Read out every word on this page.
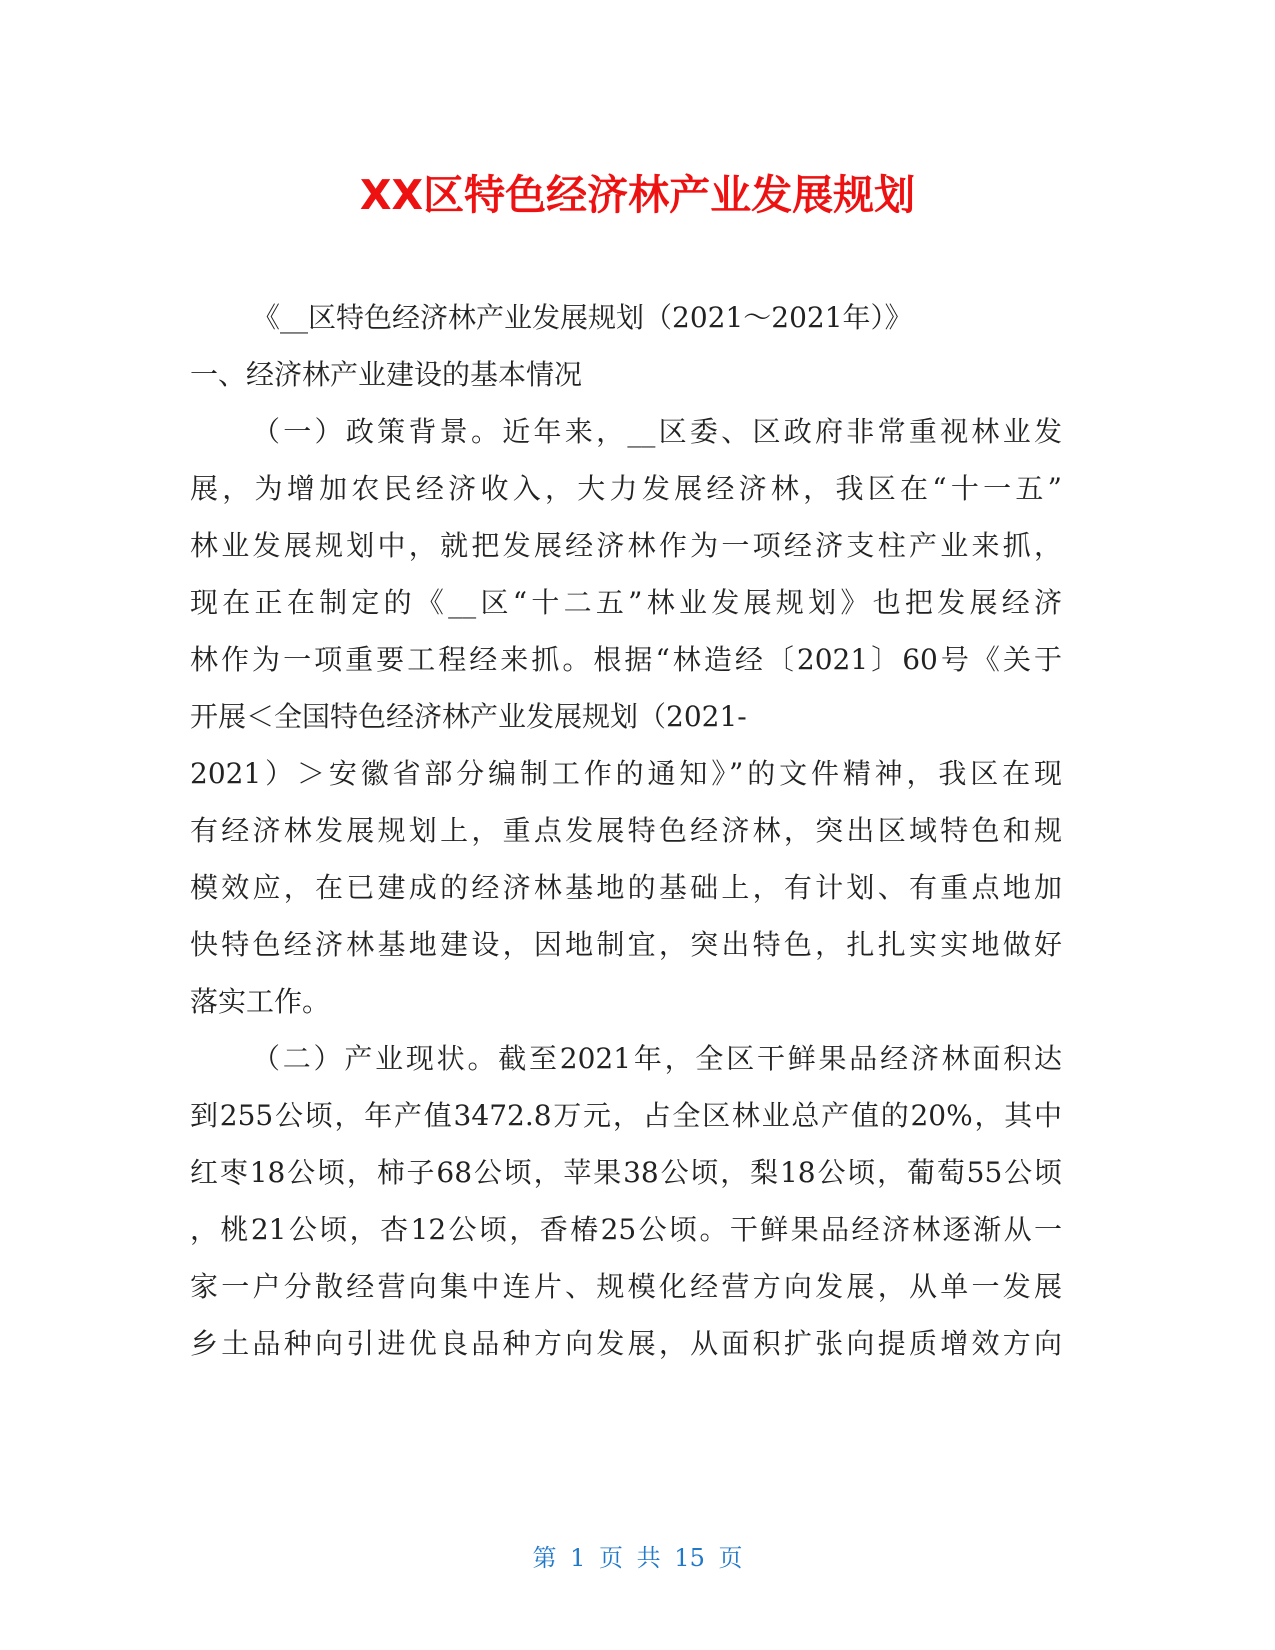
XX区特色经济林产业发展规划
《__区特色经济林产业发展规划（2021～2021年）》
一、经济林产业建设的基本情况
（一）政策背景。近年来，__区委、区政府非常重视林业发
展，为增加农民经济收入，大力发展经济林，我区在“十一五”
林业发展规划中，就把发展经济林作为一项经济支柱产业来抓，
现在正在制定的《__区“十二五”林业发展规划》也把发展经济
林作为一项重要工程经来抓。根据“林造经〔2021〕60号《关于
开展＜全国特色经济林产业发展规划（2021-
2021）＞安徽省部分编制工作的通知》”的文件精神，我区在现
有经济林发展规划上，重点发展特色经济林，突出区域特色和规
模效应，在已建成的经济林基地的基础上，有计划、有重点地加
快特色经济林基地建设，因地制宜，突出特色，扎扎实实地做好
落实工作。
（二）产业现状。截至2021年，全区干鲜果品经济林面积达
到255公顷，年产值3472.8万元，占全区林业总产值的20%，其中
红枣18公顷，柿子68公顷，苹果38公顷，梨18公顷，葡萄55公顷
，桃21公顷，杏12公顷，香椿25公顷。干鲜果品经济林逐渐从一
家一户分散经营向集中连片、规模化经营方向发展，从单一发展
乡土品种向引进优良品种方向发展，从面积扩张向提质增效方向
第 1 页 共 15 页
